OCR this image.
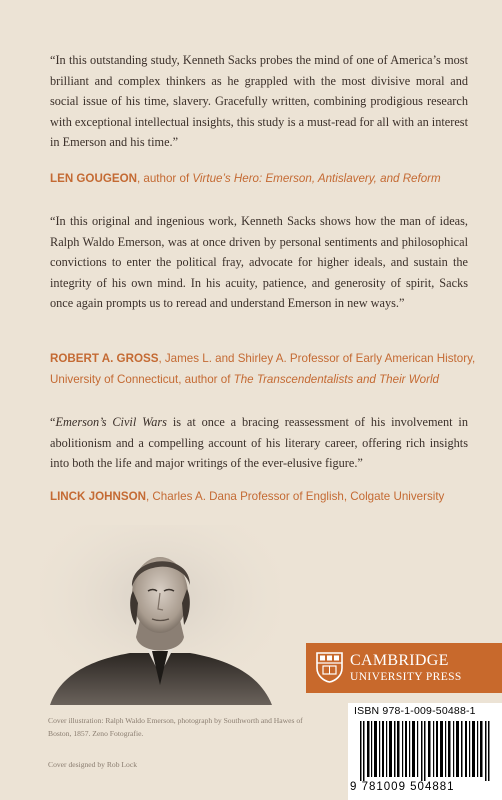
“In this outstanding study, Kenneth Sacks probes the mind of one of America’s most brilliant and complex thinkers as he grappled with the most divisive moral and social issue of his time, slavery. Gracefully written, combining prodigious research with exceptional intellectual insights, this study is a must-read for all with an interest in Emerson and his time.”

LEN GOUGEON, author of Virtue’s Hero: Emerson, Antislavery, and Reform

“In this original and ingenious work, Kenneth Sacks shows how the man of ideas, Ralph Waldo Emerson, was at once driven by personal sentiments and philosophical convictions to enter the political fray, advocate for higher ideals, and sustain the integrity of his own mind. In his acuity, patience, and generosity of spirit, Sacks once again prompts us to reread and understand Emerson in new ways.”

ROBERT A. GROSS, James L. and Shirley A. Professor of Early American History, University of Connecticut, author of The Transcendentalists and Their World

“Emerson’s Civil Wars is at once a bracing reassessment of his involvement in abolitionism and a compelling account of his literary career, offering rich insights into both the life and major writings of the ever-elusive figure.”

LINCK JOHNSON, Charles A. Dana Professor of English, Colgate University
Cover illustration: Ralph Waldo Emerson, photograph by Southworth and Hawes of Boston, 1857. Zeno Fotografie.
Cover designed by Rob Lock
CAMBRIDGE
UNIVERSITY PRESS
ISBN 978-1-009-50488-1
9 781009 504881
